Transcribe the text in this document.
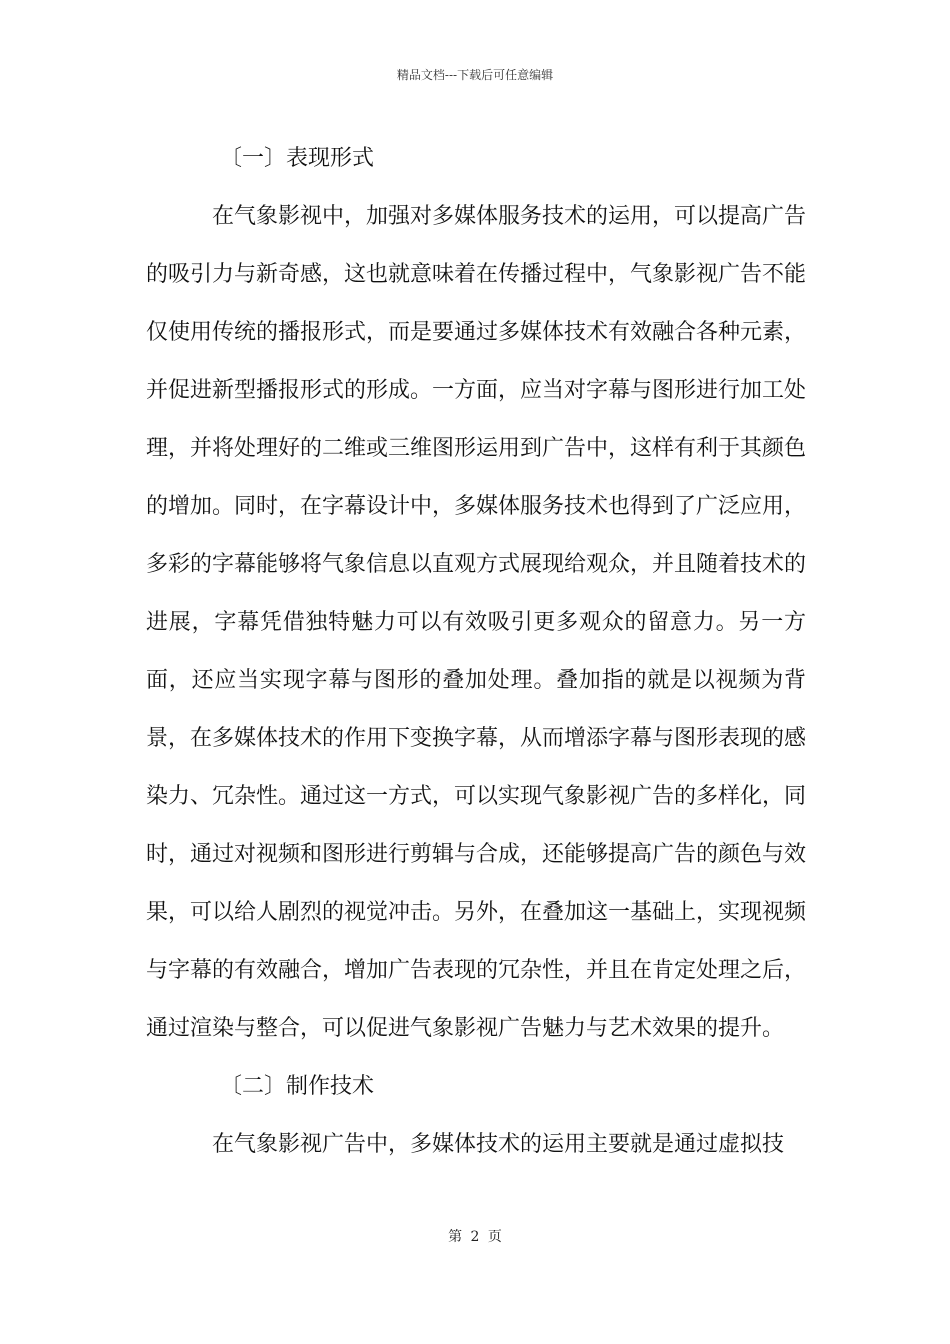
精品文档---下载后可任意编辑

〔一〕表现形式

在气象影视中，加强对多媒体服务技术的运用，可以提高广告的吸引力与新奇感，这也就意味着在传播过程中，气象影视广告不能仅使用传统的播报形式，而是要通过多媒体技术有效融合各种元素，并促进新型播报形式的形成。一方面，应当对字幕与图形进行加工处理，并将处理好的二维或三维图形运用到广告中，这样有利于其颜色的增加。同时，在字幕设计中，多媒体服务技术也得到了广泛应用，多彩的字幕能够将气象信息以直观方式展现给观众，并且随着技术的进展，字幕凭借独特魅力可以有效吸引更多观众的留意力。另一方面，还应当实现字幕与图形的叠加处理。叠加指的就是以视频为背景，在多媒体技术的作用下变换字幕，从而增添字幕与图形表现的感染力、冗杂性。通过这一方式，可以实现气象影视广告的多样化，同时，通过对视频和图形进行剪辑与合成，还能够提高广告的颜色与效果，可以给人剧烈的视觉冲击。另外，在叠加这一基础上，实现视频与字幕的有效融合，增加广告表现的冗杂性，并且在肯定处理之后，通过渲染与整合，可以促进气象影视广告魅力与艺术效果的提升。

〔二〕制作技术

在气象影视广告中，多媒体技术的运用主要就是通过虚拟技

第 2 页
